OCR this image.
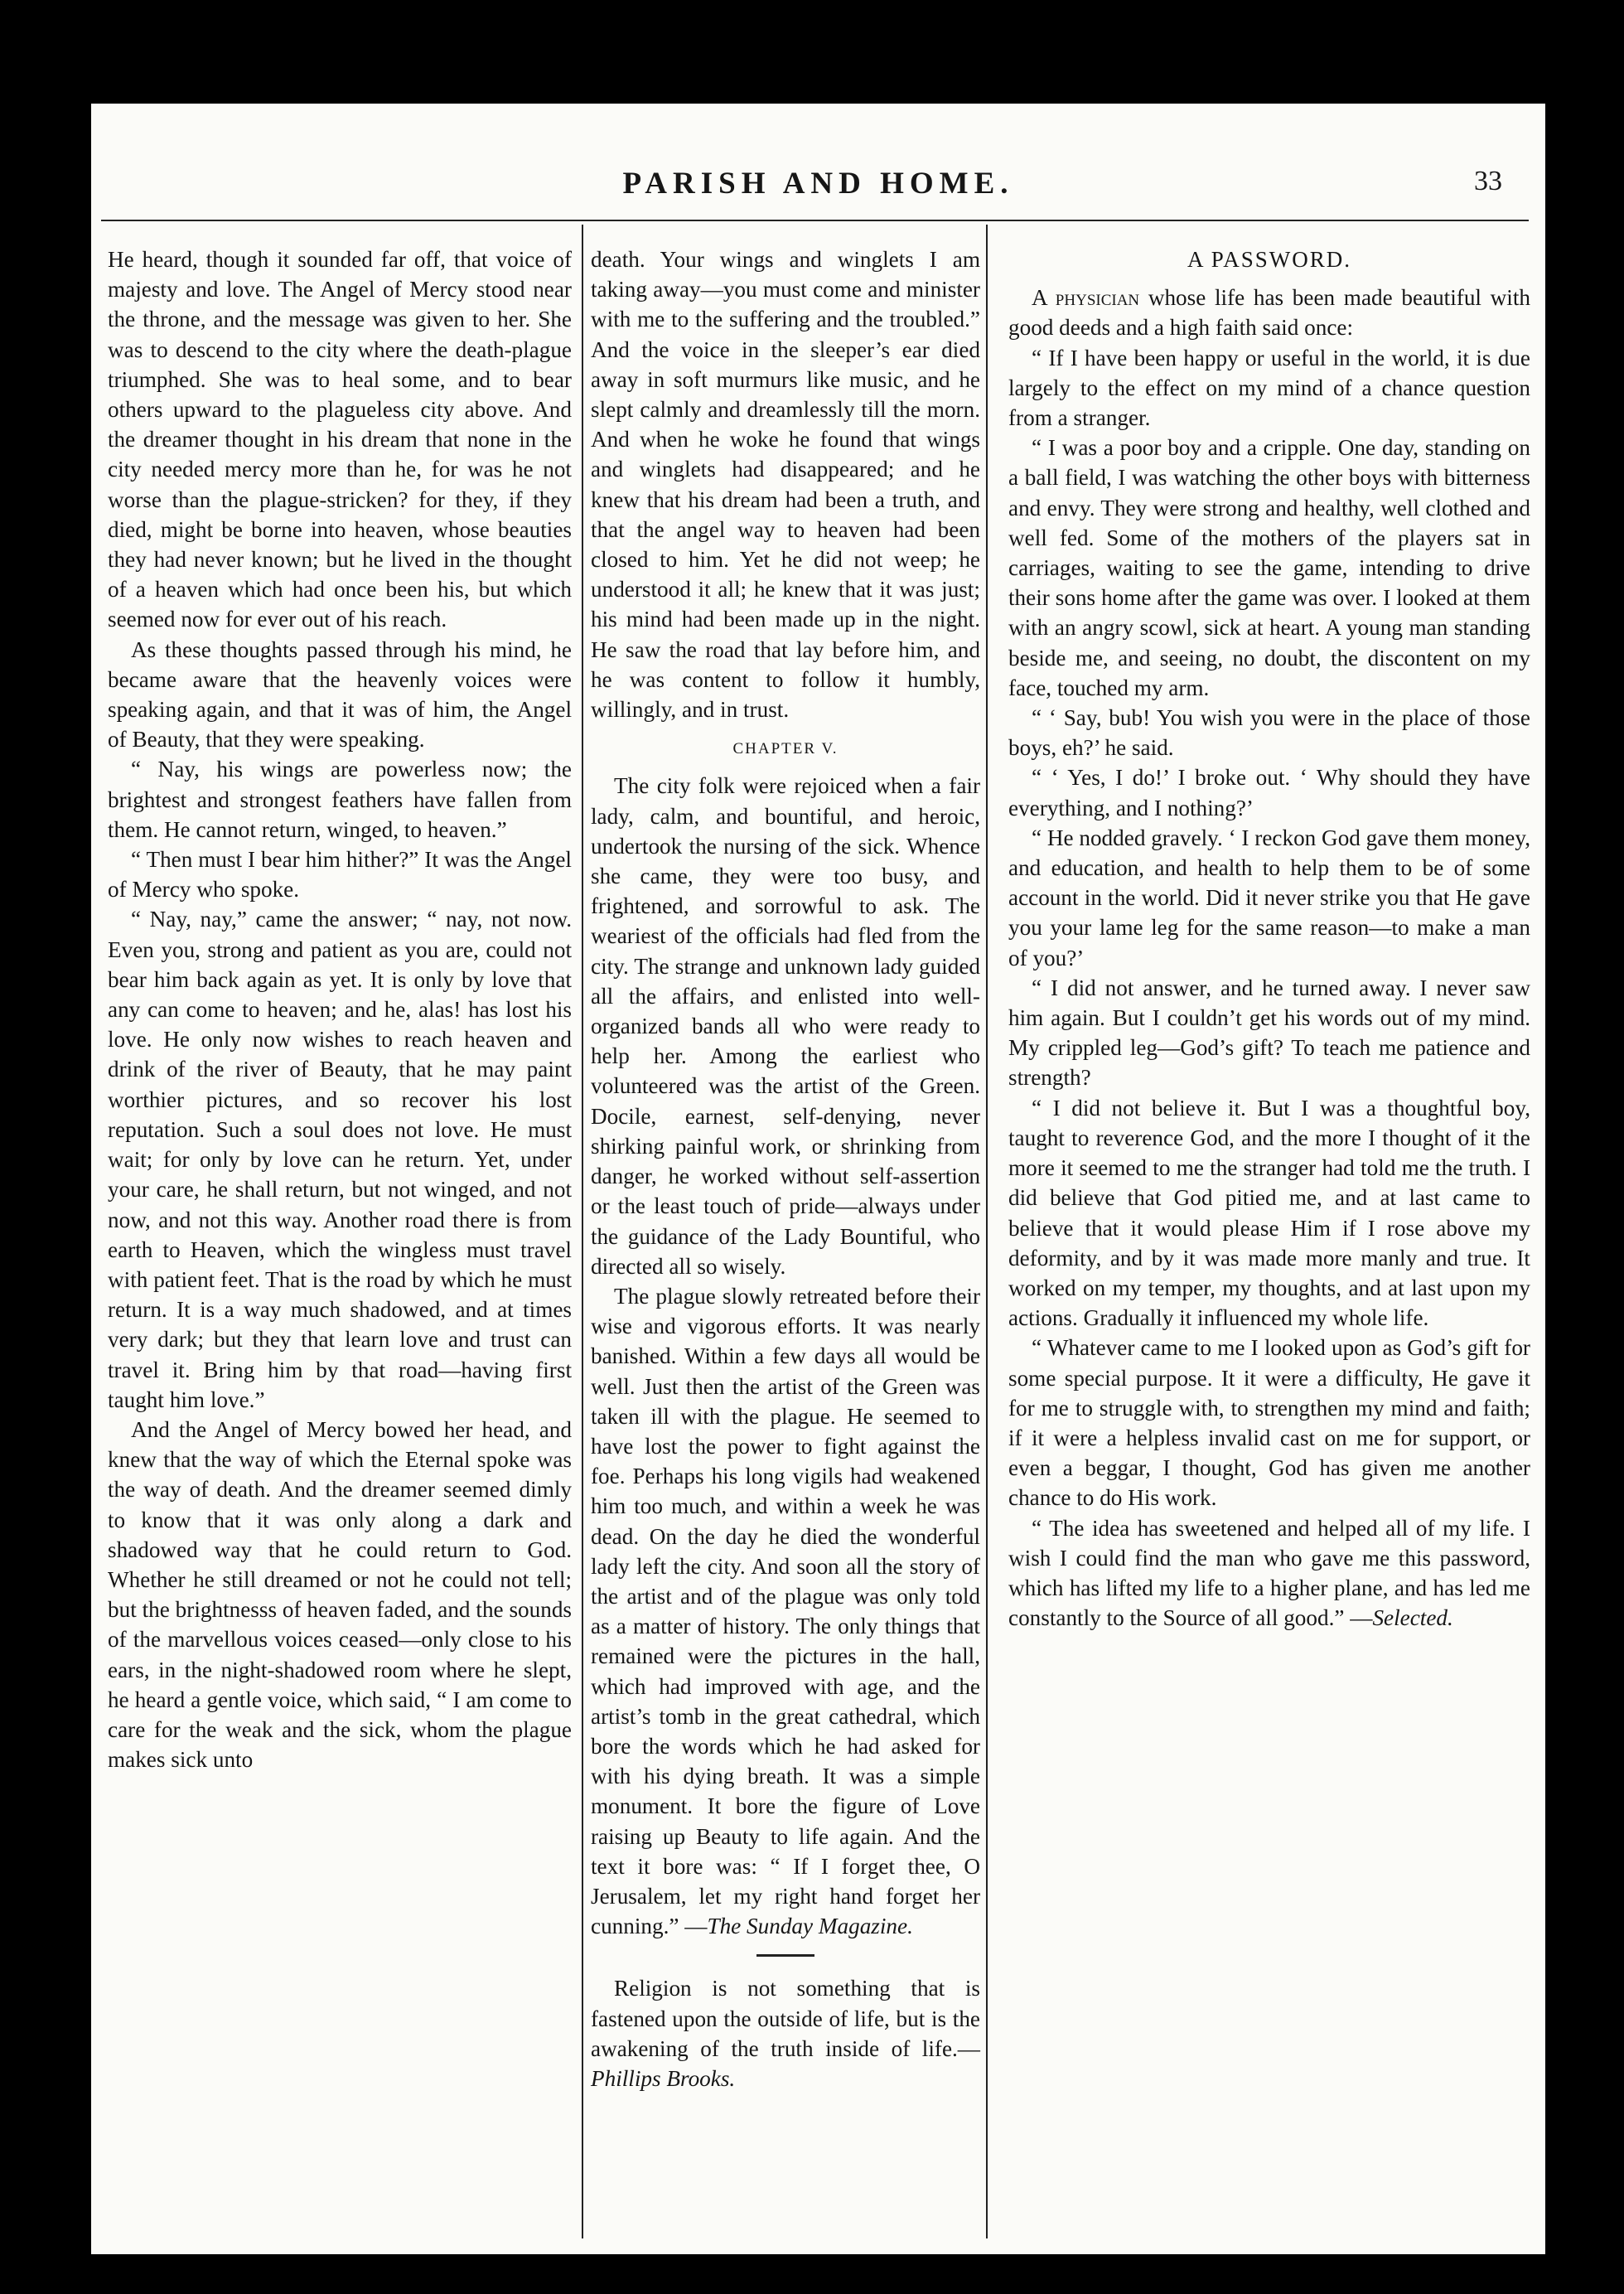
PARISH AND HOME.	33

He heard, though it sounded far off, that voice of majesty and love. The Angel of Mercy stood near the throne, and the message was given to her. She was to descend to the city where the death-plague triumphed. She was to heal some, and to bear others upward to the plagueless city above. And the dreamer thought in his dream that none in the city needed mercy more than he, for was he not worse than the plague-stricken? for they, if they died, might be borne into heaven, whose beauties they had never known; but he lived in the thought of a heaven which had once been his, but which seemed now for ever out of his reach.

As these thoughts passed through his mind, he became aware that the heavenly voices were speaking again, and that it was of him, the Angel of Beauty, that they were speaking.

“ Nay, his wings are powerless now; the brightest and strongest feathers have fallen from them. He cannot return, winged, to heaven.”

“ Then must I bear him hither?” It was the Angel of Mercy who spoke.

“ Nay, nay,” came the answer; “ nay, not now. Even you, strong and patient as you are, could not bear him back again as yet. It is only by love that any can come to heaven; and he, alas! has lost his love. He only now wishes to reach heaven and drink of the river of Beauty, that he may paint worthier pictures, and so recover his lost reputation. Such a soul does not love. He must wait; for only by love can he return. Yet, under your care, he shall return, but not winged, and not now, and not this way. Another road there is from earth to Heaven, which the wingless must travel with patient feet. That is the road by which he must return. It is a way much shadowed, and at times very dark; but they that learn love and trust can travel it. Bring him by that road—having first taught him love.”

And the Angel of Mercy bowed her head, and knew that the way of which the Eternal spoke was the way of death. And the dreamer seemed dimly to know that it was only along a dark and shadowed way that he could return to God. Whether he still dreamed or not he could not tell; but the brightnesss of heaven faded, and the sounds of the marvellous voices ceased—only close to his ears, in the night-shadowed room where he slept, he heard a gentle voice, which said, “ I am come to care for the weak and the sick, whom the plague makes sick unto

death. Your wings and winglets I am taking away—you must come and minister with me to the suffering and the troubled.” And the voice in the sleeper’s ear died away in soft murmurs like music, and he slept calmly and dreamlessly till the morn. And when he woke he found that wings and winglets had disappeared; and he knew that his dream had been a truth, and that the angel way to heaven had been closed to him. Yet he did not weep; he understood it all; he knew that it was just; his mind had been made up in the night. He saw the road that lay before him, and he was content to follow it humbly, willingly, and in trust.

CHAPTER V.

The city folk were rejoiced when a fair lady, calm, and bountiful, and heroic, undertook the nursing of the sick. Whence she came, they were too busy, and frightened, and sorrowful to ask. The weariest of the officials had fled from the city. The strange and unknown lady guided all the affairs, and enlisted into well-organized bands all who were ready to help her. Among the earliest who volunteered was the artist of the Green. Docile, earnest, self-denying, never shirking painful work, or shrinking from danger, he worked without self-assertion or the least touch of pride—always under the guidance of the Lady Bountiful, who directed all so wisely.

The plague slowly retreated before their wise and vigorous efforts. It was nearly banished. Within a few days all would be well. Just then the artist of the Green was taken ill with the plague. He seemed to have lost the power to fight against the foe. Perhaps his long vigils had weakened him too much, and within a week he was dead. On the day he died the wonderful lady left the city. And soon all the story of the artist and of the plague was only told as a matter of history. The only things that remained were the pictures in the hall, which had improved with age, and the artist’s tomb in the great cathedral, which bore the words which he had asked for with his dying breath. It was a simple monument. It bore the figure of Love raising up Beauty to life again. And the text it bore was: “ If I forget thee, O Jerusalem, let my right hand forget her cunning.” —The Sunday Magazine.

Religion is not something that is fastened upon the outside of life, but is the awakening of the truth inside of life.—Phillips Brooks.

A PASSWORD.

A physician whose life has been made beautiful with good deeds and a high faith said once:

“ If I have been happy or useful in the world, it is due largely to the effect on my mind of a chance question from a stranger.

“ I was a poor boy and a cripple. One day, standing on a ball field, I was watching the other boys with bitterness and envy. They were strong and healthy, well clothed and well fed. Some of the mothers of the players sat in carriages, waiting to see the game, intending to drive their sons home after the game was over. I looked at them with an angry scowl, sick at heart. A young man standing beside me, and seeing, no doubt, the discontent on my face, touched my arm.

“ ‘ Say, bub! You wish you were in the place of those boys, eh?’ he said.

“ ‘ Yes, I do!’ I broke out. ‘ Why should they have everything, and I nothing?’

“ He nodded gravely. ‘ I reckon God gave them money, and education, and health to help them to be of some account in the world. Did it never strike you that He gave you your lame leg for the same reason—to make a man of you?’

“ I did not answer, and he turned away. I never saw him again. But I couldn’t get his words out of my mind. My crippled leg—God’s gift? To teach me patience and strength?

“ I did not believe it. But I was a thoughtful boy, taught to reverence God, and the more I thought of it the more it seemed to me the stranger had told me the truth. I did believe that God pitied me, and at last came to believe that it would please Him if I rose above my deformity, and by it was made more manly and true. It worked on my temper, my thoughts, and at last upon my actions. Gradually it influenced my whole life.

“ Whatever came to me I looked upon as God’s gift for some special purpose. It it were a difficulty, He gave it for me to struggle with, to strengthen my mind and faith; if it were a helpless invalid cast on me for support, or even a beggar, I thought, God has given me another chance to do His work.

“ The idea has sweetened and helped all of my life. I wish I could find the man who gave me this password, which has lifted my life to a higher plane, and has led me constantly to the Source of all good.” —Selected.
